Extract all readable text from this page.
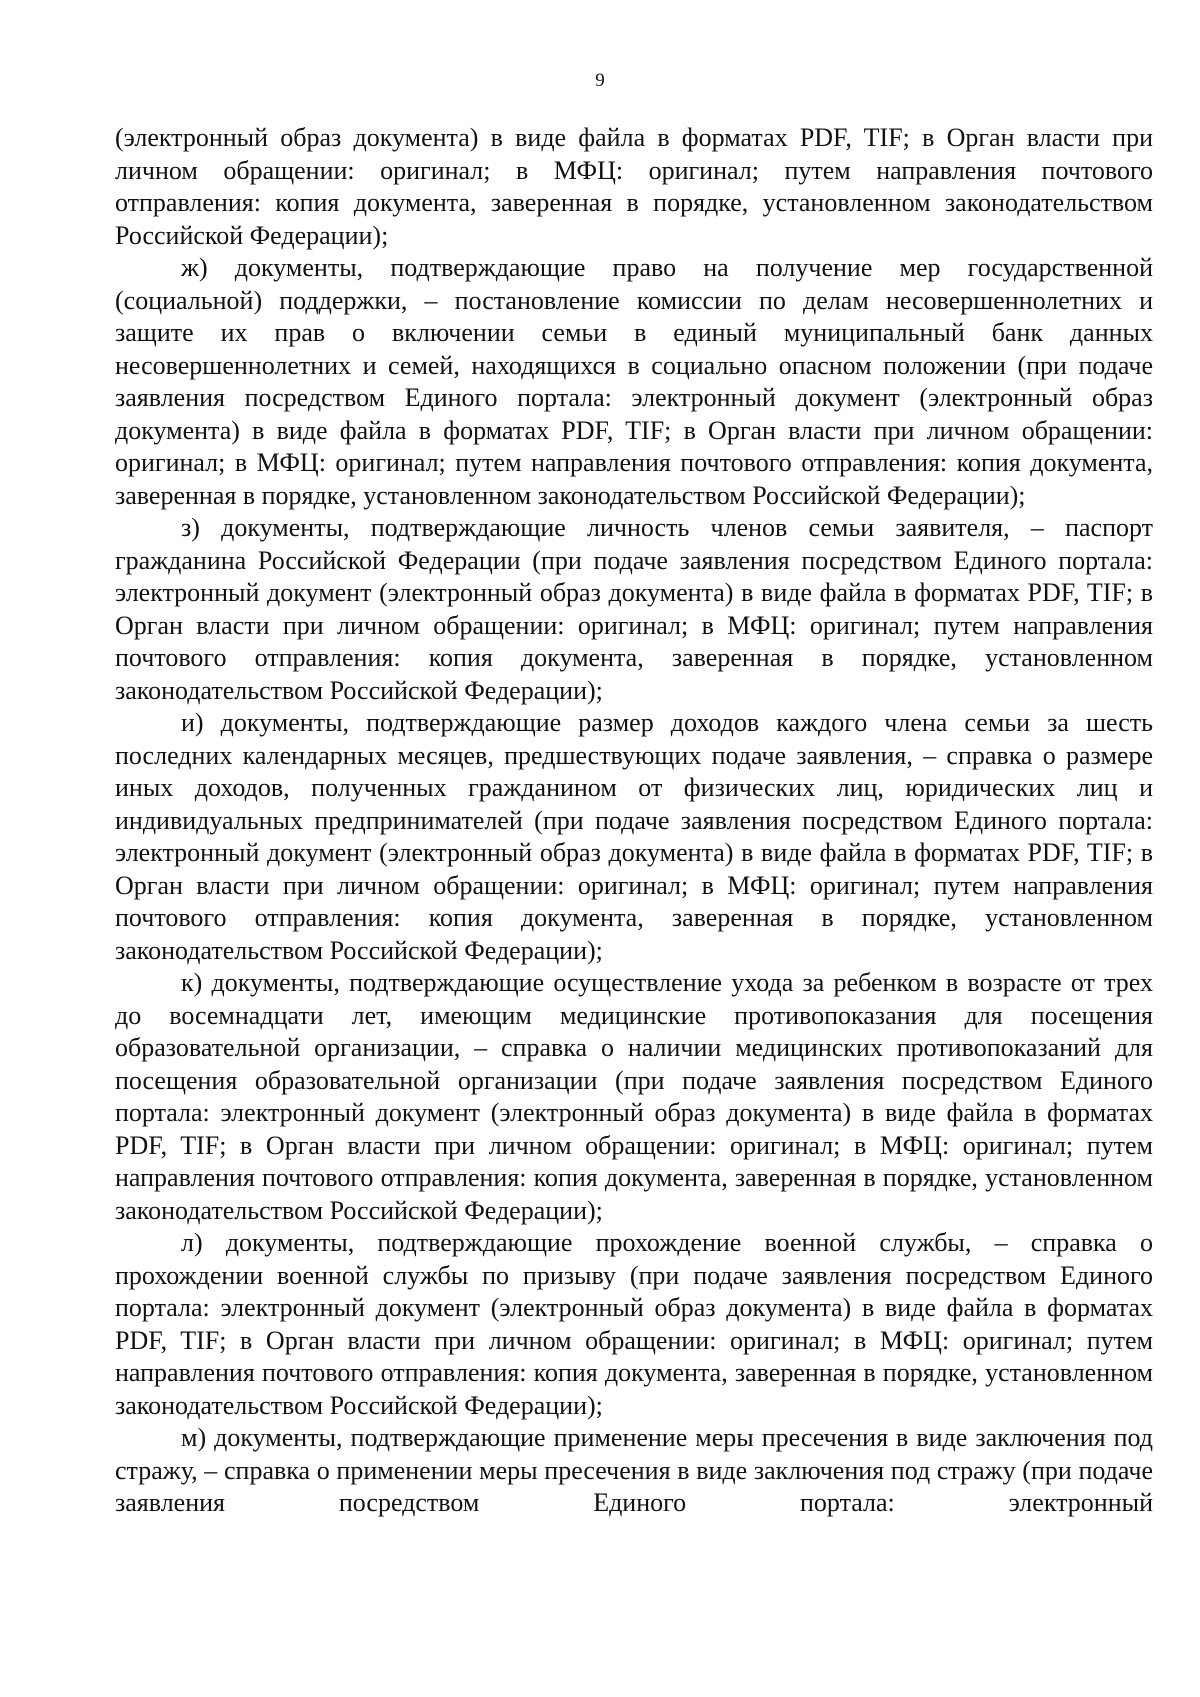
9

(электронный образ документа) в виде файла в форматах PDF, TIF; в Орган власти при личном обращении: оригинал; в МФЦ: оригинал; путем направления почтового отправления: копия документа, заверенная в порядке, установленном законодательством Российской Федерации);

ж) документы, подтверждающие право на получение мер государственной (социальной) поддержки, – постановление комиссии по делам несовершеннолетних и защите их прав о включении семьи в единый муниципальный банк данных несовершеннолетних и семей, находящихся в социально опасном положении (при подаче заявления посредством Единого портала: электронный документ (электронный образ документа) в виде файла в форматах PDF, TIF; в Орган власти при личном обращении: оригинал; в МФЦ: оригинал; путем направления почтового отправления: копия документа, заверенная в порядке, установленном законодательством Российской Федерации);

з) документы, подтверждающие личность членов семьи заявителя, – паспорт гражданина Российской Федерации (при подаче заявления посредством Единого портала: электронный документ (электронный образ документа) в виде файла в форматах PDF, TIF; в Орган власти при личном обращении: оригинал; в МФЦ: оригинал; путем направления почтового отправления: копия документа, заверенная в порядке, установленном законодательством Российской Федерации);

и) документы, подтверждающие размер доходов каждого члена семьи за шесть последних календарных месяцев, предшествующих подаче заявления, – справка о размере иных доходов, полученных гражданином от физических лиц, юридических лиц и индивидуальных предпринимателей (при подаче заявления посредством Единого портала: электронный документ (электронный образ документа) в виде файла в форматах PDF, TIF; в Орган власти при личном обращении: оригинал; в МФЦ: оригинал; путем направления почтового отправления: копия документа, заверенная в порядке, установленном законодательством Российской Федерации);

к) документы, подтверждающие осуществление ухода за ребенком в возрасте от трех до восемнадцати лет, имеющим медицинские противопоказания для посещения образовательной организации, – справка о наличии медицинских противопоказаний для посещения образовательной организации (при подаче заявления посредством Единого портала: электронный документ (электронный образ документа) в виде файла в форматах PDF, TIF; в Орган власти при личном обращении: оригинал; в МФЦ: оригинал; путем направления почтового отправления: копия документа, заверенная в порядке, установленном законодательством Российской Федерации);

л) документы, подтверждающие прохождение военной службы, – справка о прохождении военной службы по призыву (при подаче заявления посредством Единого портала: электронный документ (электронный образ документа) в виде файла в форматах PDF, TIF; в Орган власти при личном обращении: оригинал; в МФЦ: оригинал; путем направления почтового отправления: копия документа, заверенная в порядке, установленном законодательством Российской Федерации);

м) документы, подтверждающие применение меры пресечения в виде заключения под стражу, – справка о применении меры пресечения в виде заключения под стражу (при подаче заявления посредством Единого портала: электронный
